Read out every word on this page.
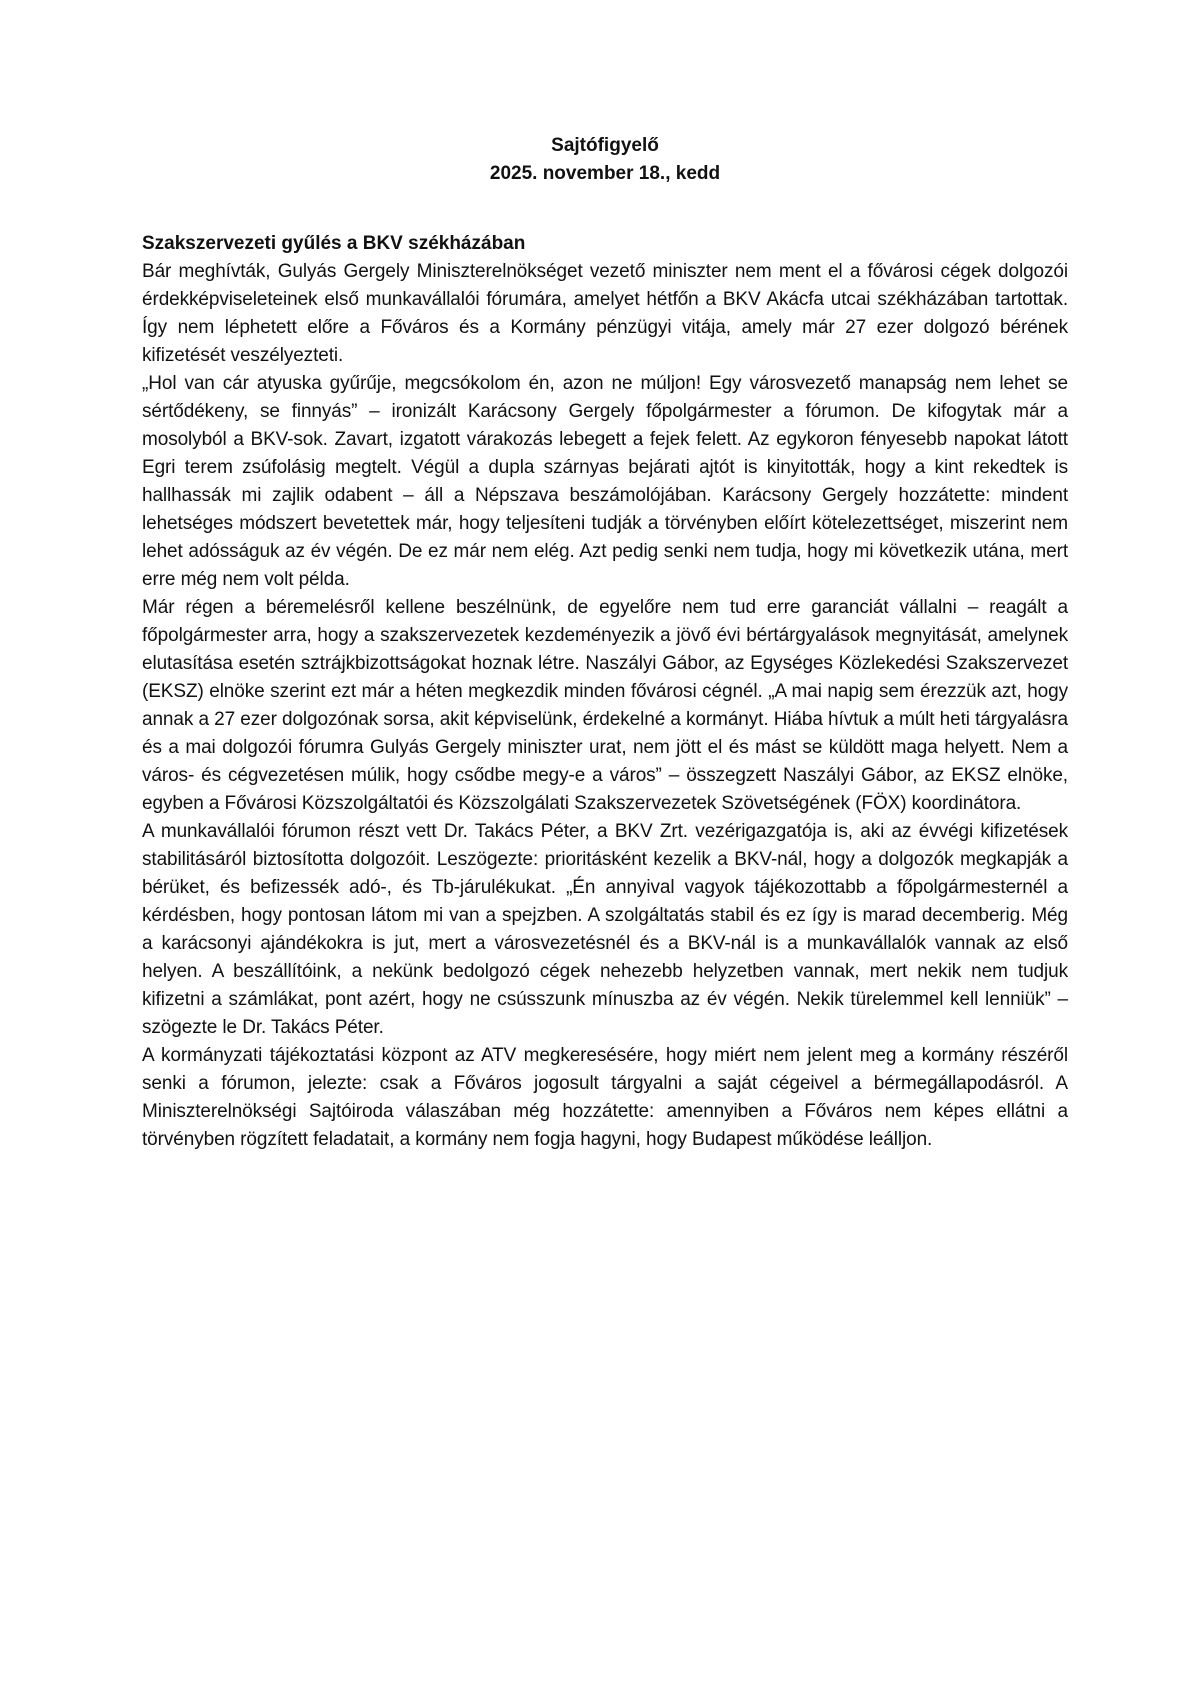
Sajtófigyelő
2025. november 18., kedd
Szakszervezeti gyűlés a BKV székházában

Bár meghívták, Gulyás Gergely Miniszterelnökséget vezető miniszter nem ment el a fővárosi cégek dolgozói érdekképviseleteinek első munkavállalói fórumára, amelyet hétfőn a BKV Akácfa utcai székházában tartottak. Így nem léphetett előre a Főváros és a Kormány pénzügyi vitája, amely már 27 ezer dolgozó bérének kifizetését veszélyezteti.

„Hol van cár atyuska gyűrűje, megcsókolom én, azon ne múljon! Egy városvezető manapság nem lehet se sértődékeny, se finnyás” – ironizált Karácsony Gergely főpolgármester a fórumon. De kifogytak már a mosolyból a BKV-sok. Zavart, izgatott várakozás lebegett a fejek felett. Az egykoron fényesebb napokat látott Egri terem zsúfolásig megtelt. Végül a dupla szárnyas bejárati ajtót is kinyitották, hogy a kint rekedtek is hallhassák mi zajlik odabent – áll a Népszava beszámolójában. Karácsony Gergely hozzátette: mindent lehetséges módszert bevetettek már, hogy teljesíteni tudják a törvényben előírt kötelezettséget, miszerint nem lehet adósságuk az év végén. De ez már nem elég. Azt pedig senki nem tudja, hogy mi következik utána, mert erre még nem volt példa.

Már régen a béremelésről kellene beszélnünk, de egyelőre nem tud erre garanciát vállalni – reagált a főpolgármester arra, hogy a szakszervezetek kezdeményezik a jövő évi bértárgyalások megnyitását, amelynek elutasítása esetén sztrájkbizottságokat hoznak létre. Naszályi Gábor, az Egységes Közlekedési Szakszervezet (EKSZ) elnöke szerint ezt már a héten megkezdik minden fővárosi cégnél. „A mai napig sem érezzük azt, hogy annak a 27 ezer dolgozónak sorsa, akit képviselünk, érdekelné a kormányt. Hiába hívtuk a múlt heti tárgyalásra és a mai dolgozói fórumra Gulyás Gergely miniszter urat, nem jött el és mást se küldött maga helyett. Nem a város- és cégvezetésen múlik, hogy csődbe megy-e a város” – összegzett Naszályi Gábor, az EKSZ elnöke, egyben a Fővárosi Közszolgáltatói és Közszolgálati Szakszervezetek Szövetségének (FÖX) koordinátora.

A munkavállalói fórumon részt vett Dr. Takács Péter, a BKV Zrt. vezérigazgatója is, aki az évvégi kifizetések stabilitásáról biztosította dolgozóit. Leszögezte: prioritásként kezelik a BKV-nál, hogy a dolgozók megkapják a bérüket, és befizessék adó-, és Tb-járulékukat. „Én annyival vagyok tájékozottabb a főpolgármesternél a kérdésben, hogy pontosan látom mi van a spejzben. A szolgáltatás stabil és ez így is marad decemberig. Még a karácsonyi ajándékokra is jut, mert a városvezetésnél és a BKV-nál is a munkavállalók vannak az első helyen. A beszállítóink, a nekünk bedolgozó cégek nehezebb helyzetben vannak, mert nekik nem tudjuk kifizetni a számlákat, pont azért, hogy ne csússzunk mínuszba az év végén. Nekik türelemmel kell lenniük” – szögezte le Dr. Takács Péter.

A kormányzati tájékoztatási központ az ATV megkeresésére, hogy miért nem jelent meg a kormány részéről senki a fórumon, jelezte: csak a Főváros jogosult tárgyalni a saját cégeivel a bérmegállapodásról. A Miniszterelnökségi Sajtóiroda válaszában még hozzátette: amennyiben a Főváros nem képes ellátni a törvényben rögzített feladatait, a kormány nem fogja hagyni, hogy Budapest működése leálljon.
